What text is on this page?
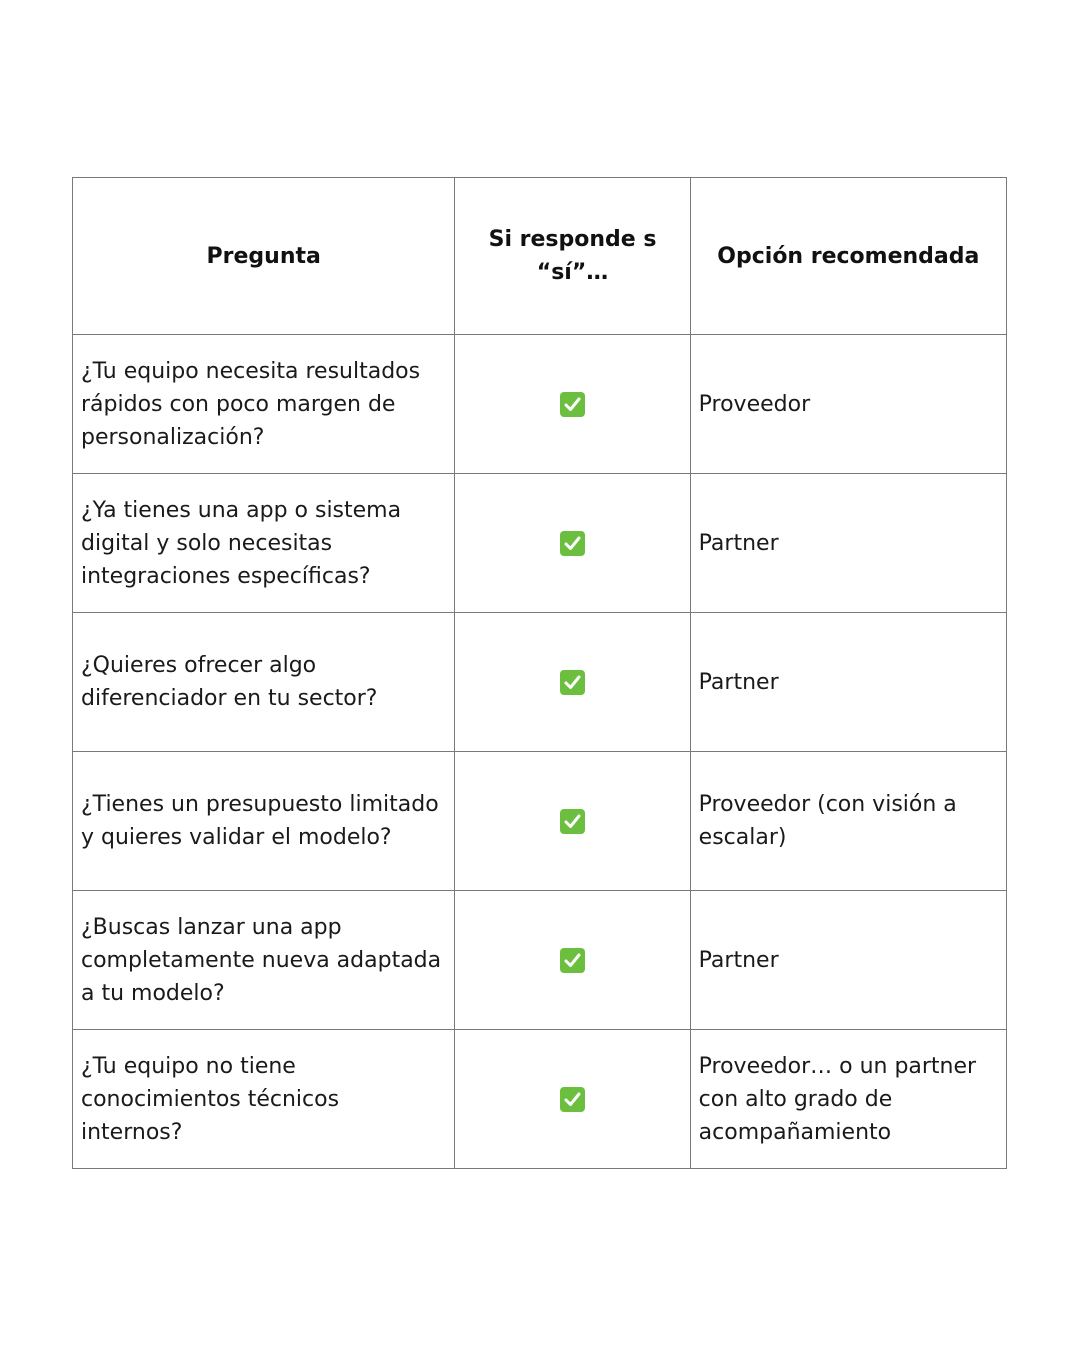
Pregunta	Si responde s “sí”…	Opción recomendada
¿Tu equipo necesita resultados rápidos con poco margen de personalización?		Proveedor
¿Ya tienes una app o sistema digital y solo necesitas integraciones específicas?		Partner
¿Quieres ofrecer algo diferenciador en tu sector?		Partner
¿Tienes un presupuesto limitado y quieres validar el modelo?		Proveedor (con visión a escalar)
¿Buscas lanzar una app completamente nueva adaptada a tu modelo?		Partner
¿Tu equipo no tiene conocimientos técnicos internos?		Proveedor… o un partner con alto grado de acompañamiento
